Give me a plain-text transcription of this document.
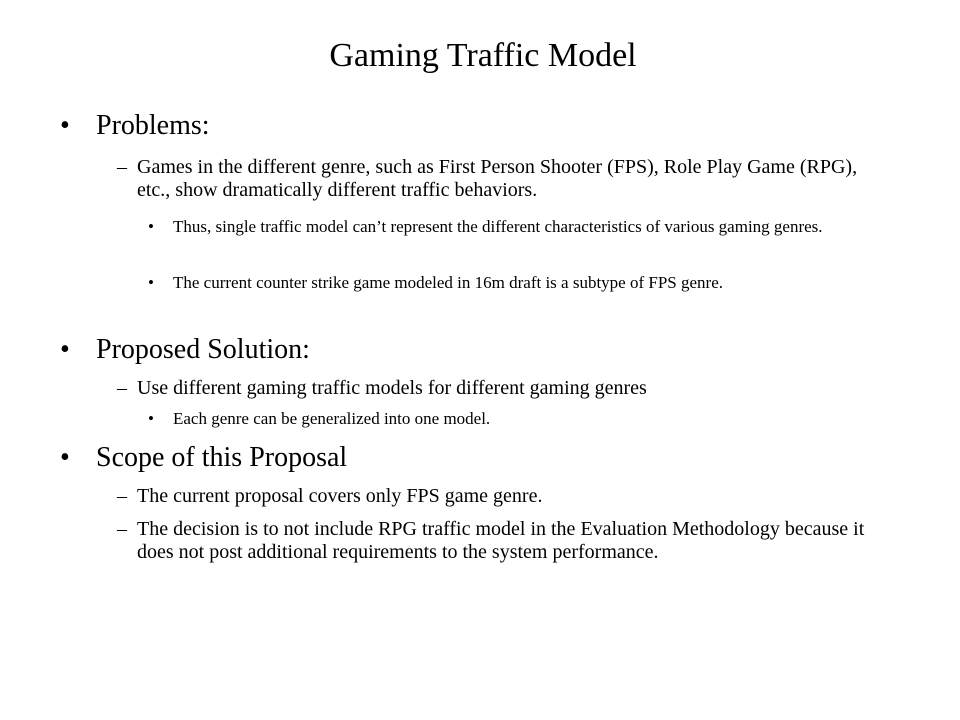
Gaming Traffic Model
• Problems:
– Games in the different genre, such as First Person Shooter (FPS), Role Play Game (RPG), etc., show dramatically different traffic behaviors.
• Thus, single traffic model can’t represent the different characteristics of various gaming genres.
• The current counter strike game modeled in 16m draft is a subtype of FPS genre.
• Proposed Solution:
– Use different gaming traffic models for different gaming genres
• Each genre can be generalized into one model.
• Scope of this Proposal
– The current proposal covers only FPS game genre.
– The decision is to not include RPG traffic model in the Evaluation Methodology because it does not post additional requirements to the system performance.
